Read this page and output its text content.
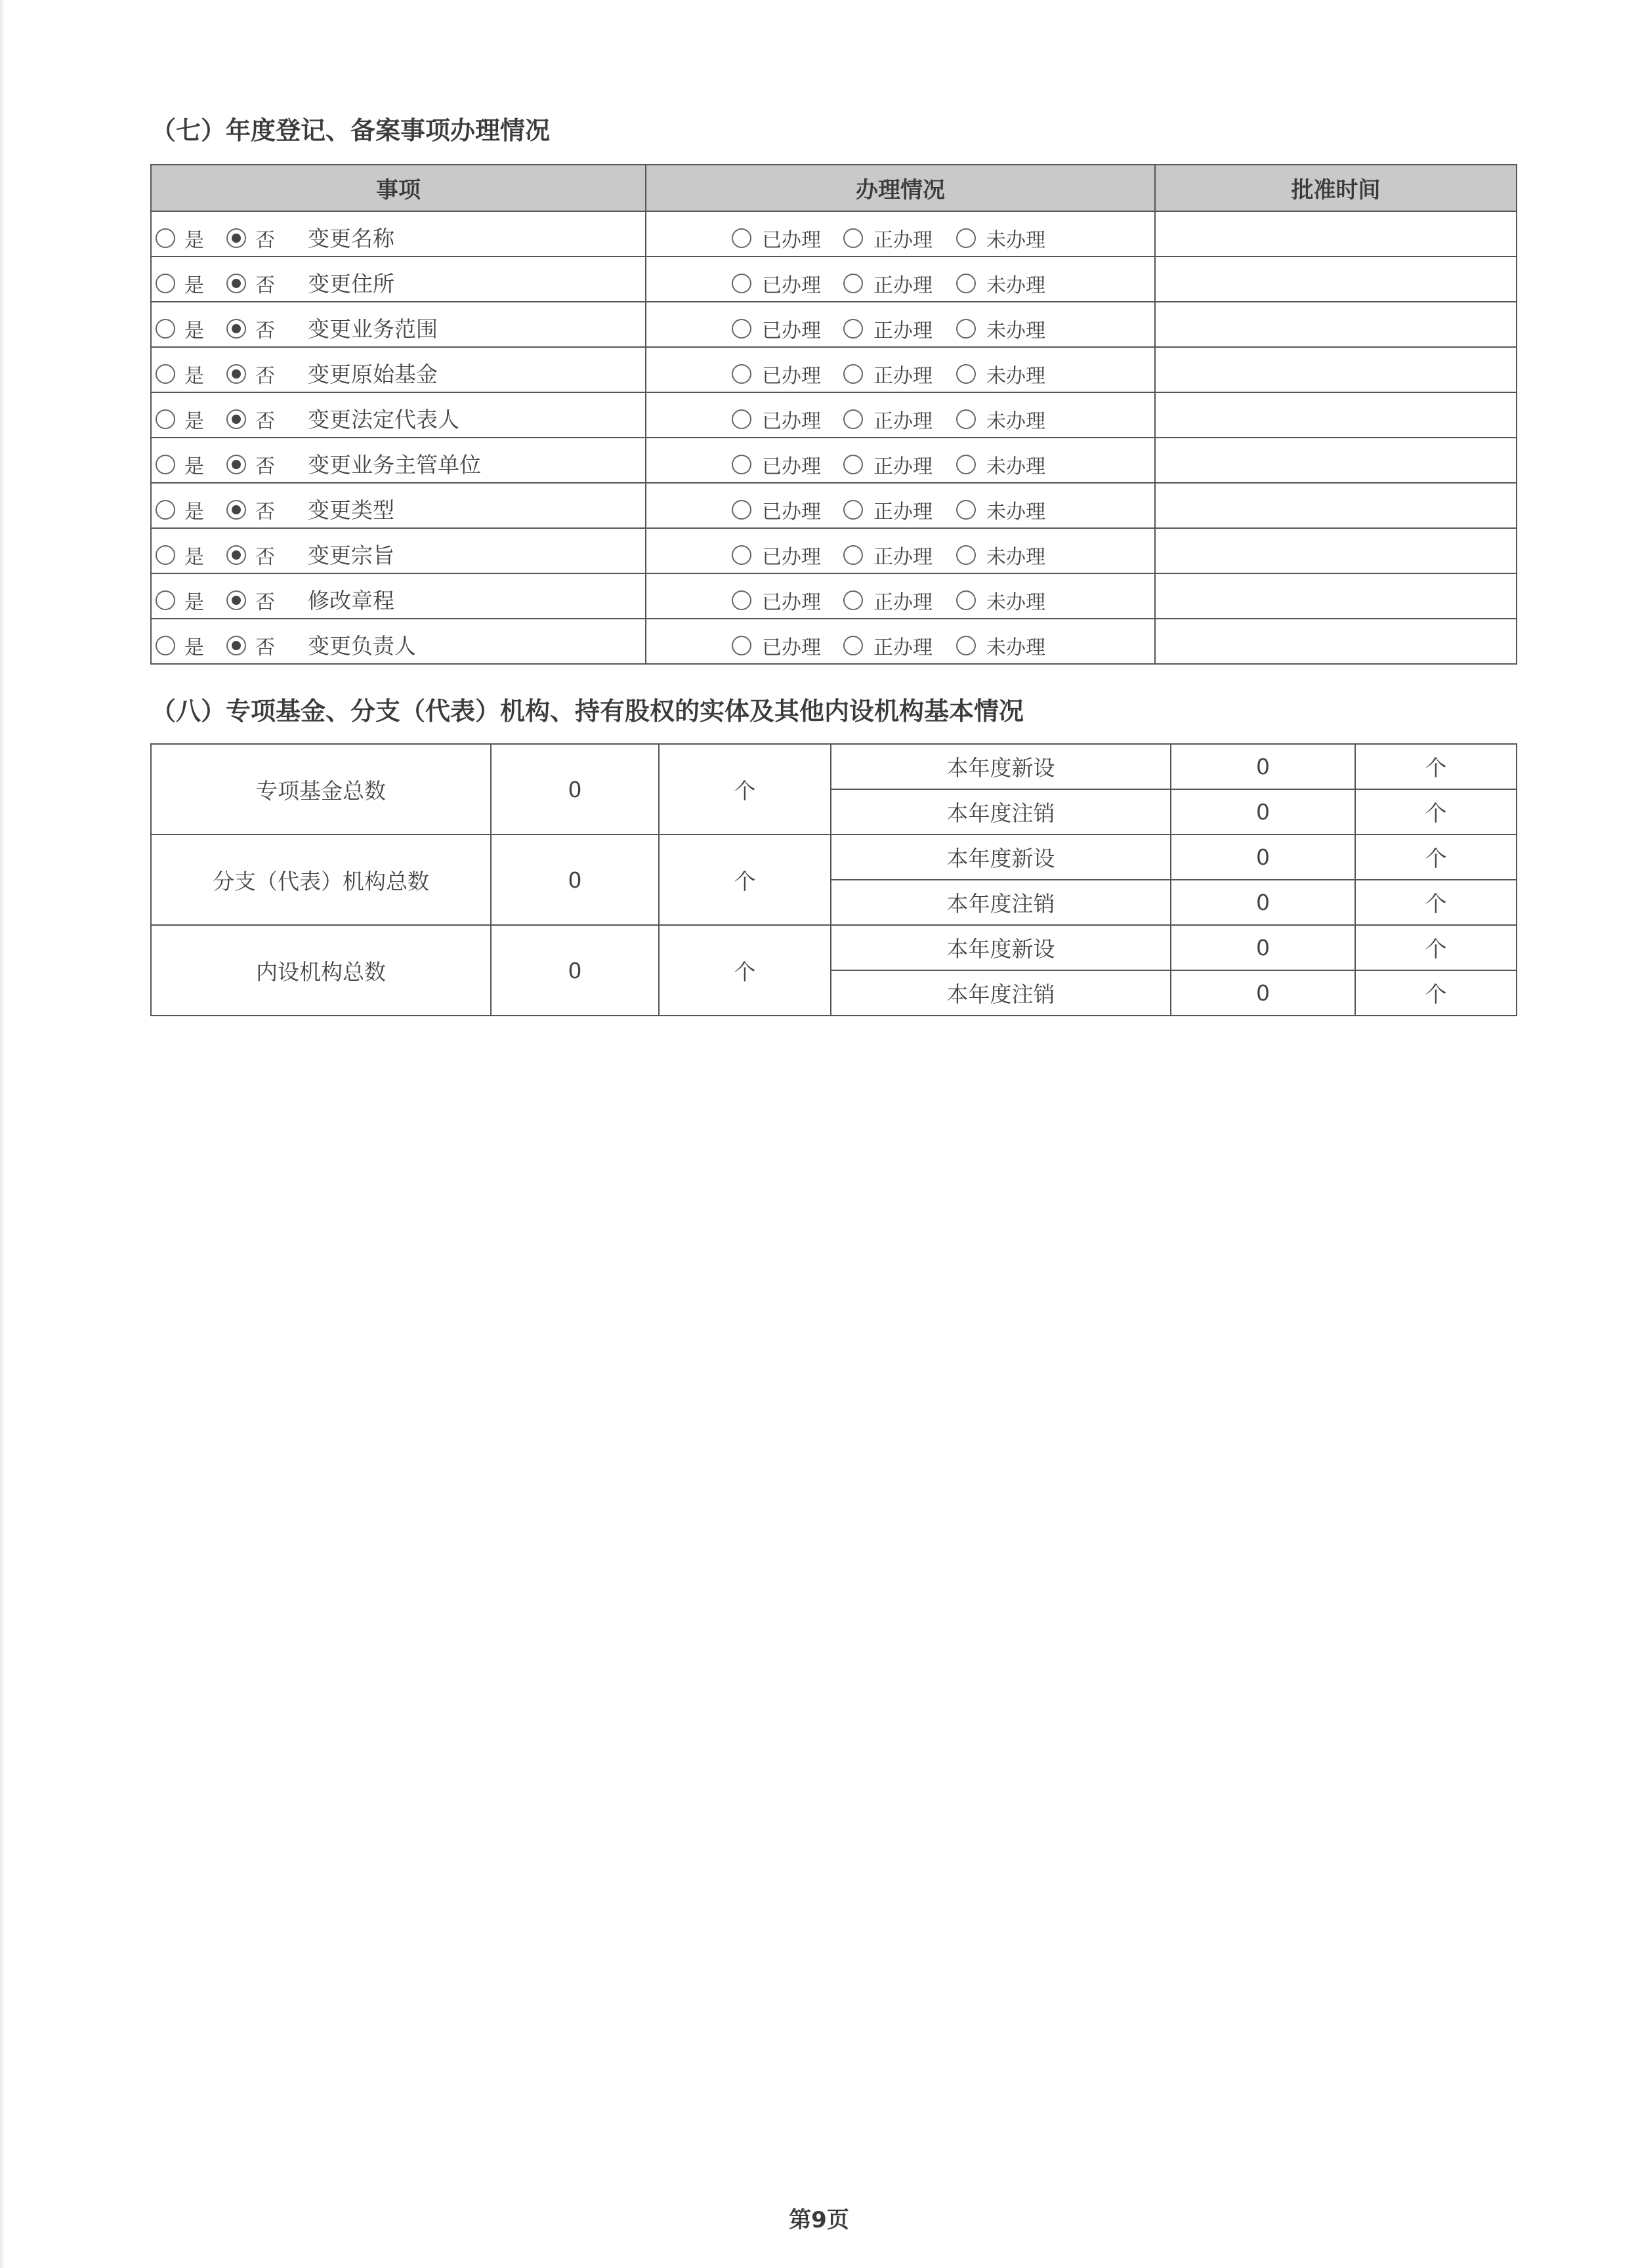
（七）年度登记、备案事项办理情况
事项	办理情况	批准时间

是 否 变更名称	已办理 正办理 未办理	

是 否 变更住所	已办理 正办理 未办理	

是 否 变更业务范围	已办理 正办理 未办理	

是 否 变更原始基金	已办理 正办理 未办理	

是 否 变更法定代表人	已办理 正办理 未办理	

是 否 变更业务主管单位	已办理 正办理 未办理	

是 否 变更类型	已办理 正办理 未办理	

是 否 变更宗旨	已办理 正办理 未办理	

是 否 修改章程	已办理 正办理 未办理	

是 否 变更负责人	已办理 正办理 未办理	

（八）专项基金、分支（代表）机构、持有股权的实体及其他内设机构基本情况
专项基金总数	0	个	本年度新设	0	个
			本年度注销	0	个
分支（代表）机构总数	0	个	本年度新设	0	个
			本年度注销	0	个
内设机构总数	0	个	本年度新设	0	个
			本年度注销	0	个
第9页
